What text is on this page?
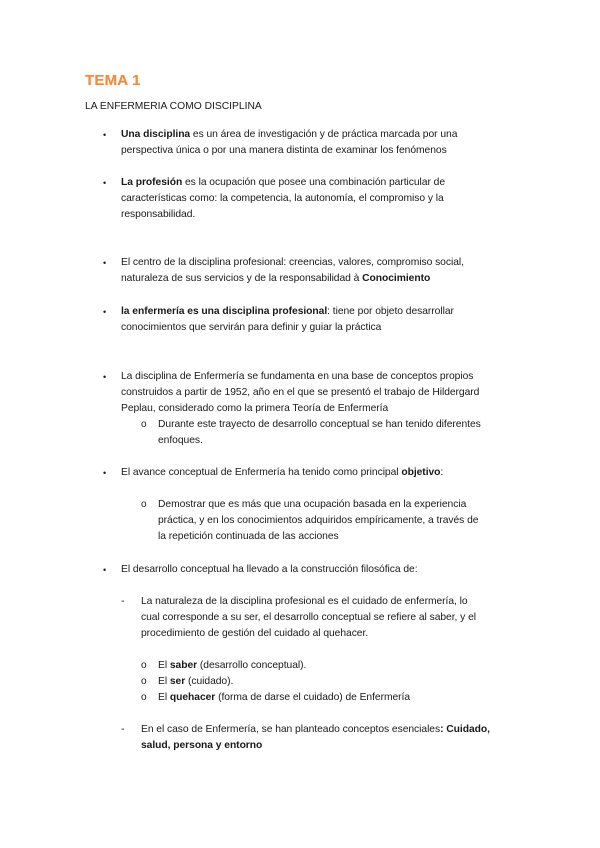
TEMA 1
LA ENFERMERIA COMO DISCIPLINA
• Una disciplina es un área de investigación y de práctica marcada por una
perspectiva única o por una manera distinta de examinar los fenómenos
• La profesión es la ocupación que posee una combinación particular de
características como: la competencia, la autonomía, el compromiso y la
responsabilidad.
• El centro de la disciplina profesional: creencias, valores, compromiso social,
naturaleza de sus servicios y de la responsabilidad à Conocimiento
• la enfermería es una disciplina profesional: tiene por objeto desarrollar
conocimientos que servirán para definir y guiar la práctica
• La disciplina de Enfermería se fundamenta en una base de conceptos propios
construidos a partir de 1952, año en el que se presentó el trabajo de Hildergard
Peplau, considerado como la primera Teoría de Enfermería
o Durante este trayecto de desarrollo conceptual se han tenido diferentes
enfoques.
• El avance conceptual de Enfermería ha tenido como principal objetivo:
o Demostrar que es más que una ocupación basada en la experiencia
práctica, y en los conocimientos adquiridos empíricamente, a través de
la repetición continuada de las acciones
• El desarrollo conceptual ha llevado a la construcción filosófica de:
- La naturaleza de la disciplina profesional es el cuidado de enfermería, lo
cual corresponde a su ser, el desarrollo conceptual se refiere al saber, y el
procedimiento de gestión del cuidado al quehacer.
o El saber (desarrollo conceptual).
o El ser (cuidado).
o El quehacer (forma de darse el cuidado) de Enfermería
- En el caso de Enfermería, se han planteado conceptos esenciales: Cuidado,
salud, persona y entorno
